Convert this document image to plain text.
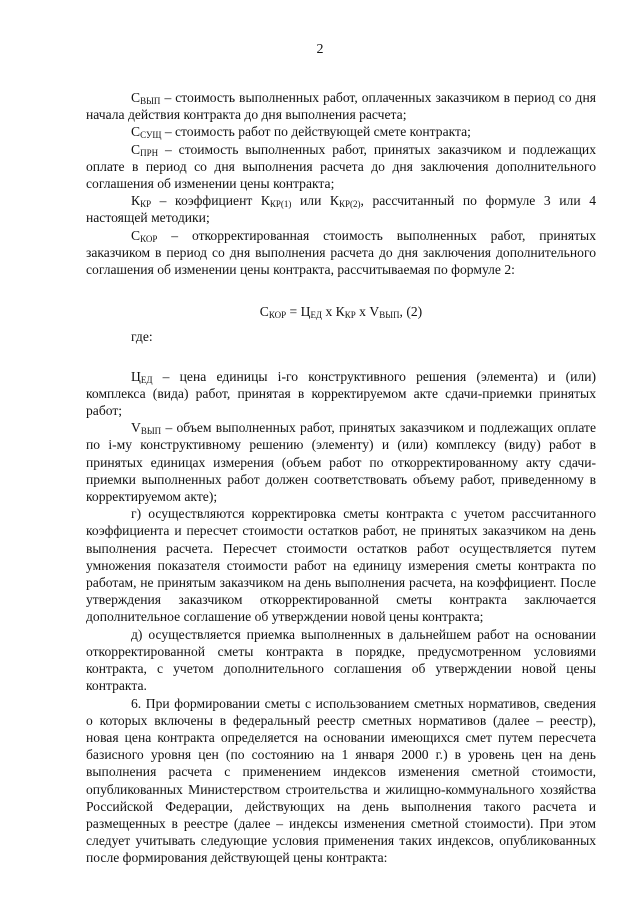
2

$С_{ВЫП}$ – стоимость выполненных работ, оплаченных заказчиком в период со дня начала действия контракта до дня выполнения расчета;

$С_{СУЩ}$ – стоимость работ по действующей смете контракта;

$С_{ПРН}$ – стоимость выполненных работ, принятых заказчиком и подлежащих оплате в период со дня выполнения расчета до дня заключения дополнительного соглашения об изменении цены контракта;

$К_{КР}$ – коэффициент $К_{КР(1)}$ или $К_{КР(2)}$, рассчитанный по формуле 3 или 4 настоящей методики;

$С_{КОР}$ – откорректированная стоимость выполненных работ, принятых заказчиком в период со дня выполнения расчета до дня заключения дополнительного соглашения об изменении цены контракта, рассчитываемая по формуле 2:

$С_{КОР} = Ц_{ЕД}$ х $К_{КР}$ х $V_{ВЫП}$, (2)

где:

$Ц_{ЕД}$ – цена единицы i-го конструктивного решения (элемента) и (или) комплекса (вида) работ, принятая в корректируемом акте сдачи-приемки принятых работ;

$V_{ВЫП}$ – объем выполненных работ, принятых заказчиком и подлежащих оплате по i-му конструктивному решению (элементу) и (или) комплексу (виду) работ в принятых единицах измерения (объем работ по откорректированному акту сдачи-приемки выполненных работ должен соответствовать объему работ, приведенному в корректируемом акте);

г) осуществляются корректировка сметы контракта с учетом рассчитанного коэффициента и пересчет стоимости остатков работ, не принятых заказчиком на день выполнения расчета. Пересчет стоимости остатков работ осуществляется путем умножения показателя стоимости работ на единицу измерения сметы контракта по работам, не принятым заказчиком на день выполнения расчета, на коэффициент. После утверждения заказчиком откорректированной сметы контракта заключается дополнительное соглашение об утверждении новой цены контракта;

д) осуществляется приемка выполненных в дальнейшем работ на основании откорректированной сметы контракта в порядке, предусмотренном условиями контракта, с учетом дополнительного соглашения об утверждении новой цены контракта.

6. При формировании сметы с использованием сметных нормативов, сведения о которых включены в федеральный реестр сметных нормативов (далее – реестр), новая цена контракта определяется на основании имеющихся смет путем пересчета базисного уровня цен (по состоянию на 1 января 2000 г.) в уровень цен на день выполнения расчета с применением индексов изменения сметной стоимости, опубликованных Министерством строительства и жилищно-коммунального хозяйства Российской Федерации, действующих на день выполнения такого расчета и размещенных в реестре (далее – индексы изменения сметной стоимости). При этом следует учитывать следующие условия применения таких индексов, опубликованных после формирования действующей цены контракта:
